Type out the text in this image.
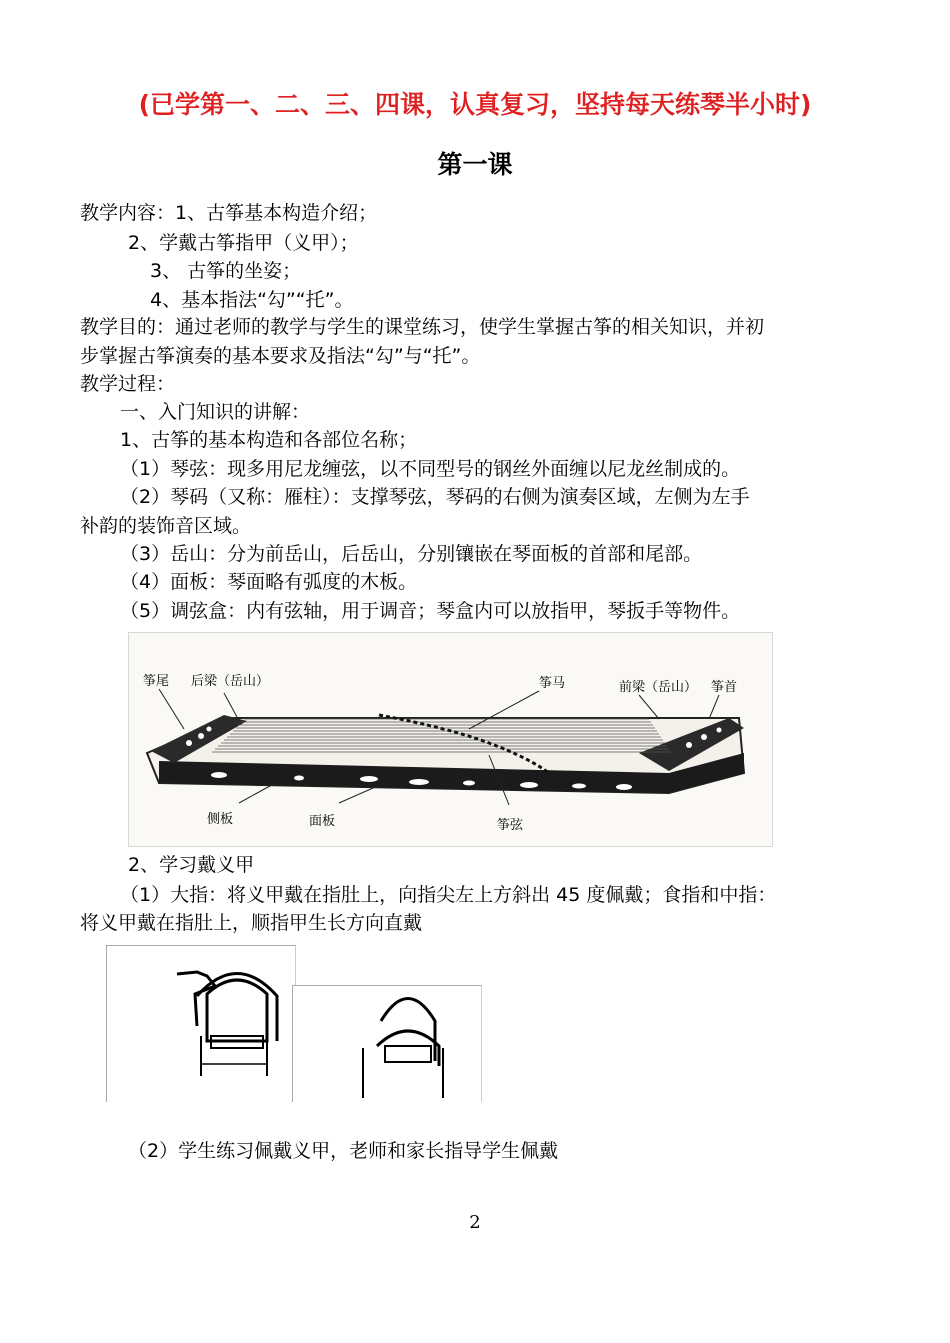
(已学第一、二、三、四课，认真复习，坚持每天练琴半小时)
第一课
教学内容：1、古筝基本构造介绍；
2、学戴古筝指甲（义甲）；
3、 古筝的坐姿；
4、基本指法“勾”“托”。
教学目的：通过老师的教学与学生的课堂练习，使学生掌握古筝的相关知识，并初
步掌握古筝演奏的基本要求及指法“勾”与“托”。
教学过程：
一、入门知识的讲解：
1、古筝的基本构造和各部位名称；
（1）琴弦：现多用尼龙缠弦，以不同型号的钢丝外面缠以尼龙丝制成的。
（2）琴码（又称：雁柱）：支撑琴弦，琴码的右侧为演奏区域，左侧为左手
补韵的装饰音区域。
（3）岳山：分为前岳山，后岳山，分别镶嵌在琴面板的首部和尾部。
（4）面板：琴面略有弧度的木板。
（5）调弦盒：内有弦轴，用于调音；琴盒内可以放指甲，琴扳手等物件。
筝尾 后梁（岳山）	筝马	前梁（岳山） 筝首
侧板	面板	筝弦
2、学习戴义甲
（1）大指：将义甲戴在指肚上，向指尖左上方斜出 45 度佩戴；食指和中指：
将义甲戴在指肚上，顺指甲生长方向直戴
（2）学生练习佩戴义甲，老师和家长指导学生佩戴
2
